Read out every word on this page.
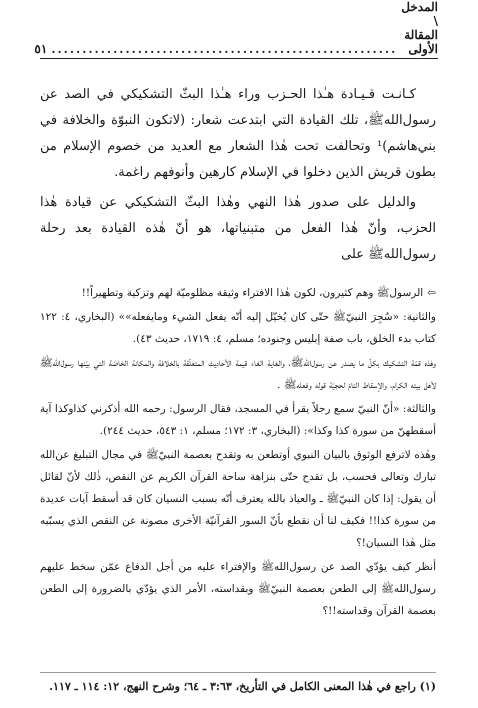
المدخل \ المقالة الأولى
........................................................
٥١

كـانـت قـيـادة هـٰذا الحـزب وراء هـٰذا البثّ التشكيكي في الصد عن رسول‌الله‌ﷺ، تلك القيادة التي ابتدعت شعار: (لاتكون النبوّة والخلافة في بني‌هاشم)¹ وتحالفت تحت هٰذا الشعار مع العديد من خصوم الإسلام من بطون قريش الذين دخلوا في الإسلام كارهين وأنوفهم راغمة.

والدليل على صدور هٰذا النهي وهٰذا البثّ التشكيكي عن قيادة هٰذا الحزب، وأنّ هٰذا الفعل من متبنياتها، هو أنّ هٰذه القيادة بعد رحلة رسول‌الله‌ﷺ على

⇦الرسول‌ﷺ وهم كثيرون، لكون هٰذا الافتراء وثيقة مظلوميّة لهم وتزكية وتطهيراً!!

والثانية: «سُجِرَ النبيّ‌ﷺ حتّى كان يُخيّل إليه أنّه يفعل الشيء ومايفعله»» (البخاري، ٤: ١٢٢ كتاب بدء الخلق، باب صفة إبليس وجنوده؛ مسلم، ٤: ١٧١٩، حديث ٤٣).

وهٰذه قمّة التشكيك بكلّ ما يصدر عن رسول‌الله‌ﷺ، والغاية الغاء قيمة الأحاديث المتعلّقة بالخلافة والمكانة الخاصّة التي بيّنها رسول‌الله‌ﷺ لأهل بيته الكرام، والإسقاط التامّ لحجيّة قوله وفعله‌ﷺ .

والثالثة: «أنّ النبيّ سمع رجلاً يقرأ في المسجد، فقال الرسول: رحمه الله أذكرني كذاوكذا آية أسقطهنّ من سورة كذا وكذا»: (البخاري، ٣: ١٧٢؛ مسلم، ١: ٥٤٣، حديث ٢٤٤).

وهٰذه لاترفع الوثوق بالبيان النبوي أوتطعن به وتقدح بعصمة النبيّ‌ﷺ في مجال التبليغ عن‌الله تبارك وتعالى فحسب، بل تقدح حتّى بنزاهة ساحة القرآن الكريم عن النقص، ذٰلك لأنّ لقائل أن يقول: إذا كان النبيّ‌ﷺ ـ والعياذ بالله يعترف أنّه بسبب النسيان كان قد أسقط آيات عديدة من سورة كذا!! فكيف لنا أن نقطع بأنّ السور القرآنيّة الأخرى مصونة عن النقص الذي يسبّبه مثل هٰذا النسيان!؟

أنظر كيف يؤدّي الصد عن رسول‌الله‌ﷺ والإفتراء عليه من أجل الدفاع عمّن سخط عليهم رسول‌الله‌ﷺ إلى الطعن بعصمة النبيّ‌ﷺ وبقداسته، الأمر الذي يؤدّي بالضرورة إلى الطعن بعصمة القرآن وقداسته!!؟

(١) راجع في هٰذا المعنى الكامل في التأريخ، ٣:٦٣ ـ ٦٤؛ وشرح النهج، ١٢: ١١٤ ـ ١١٧.
